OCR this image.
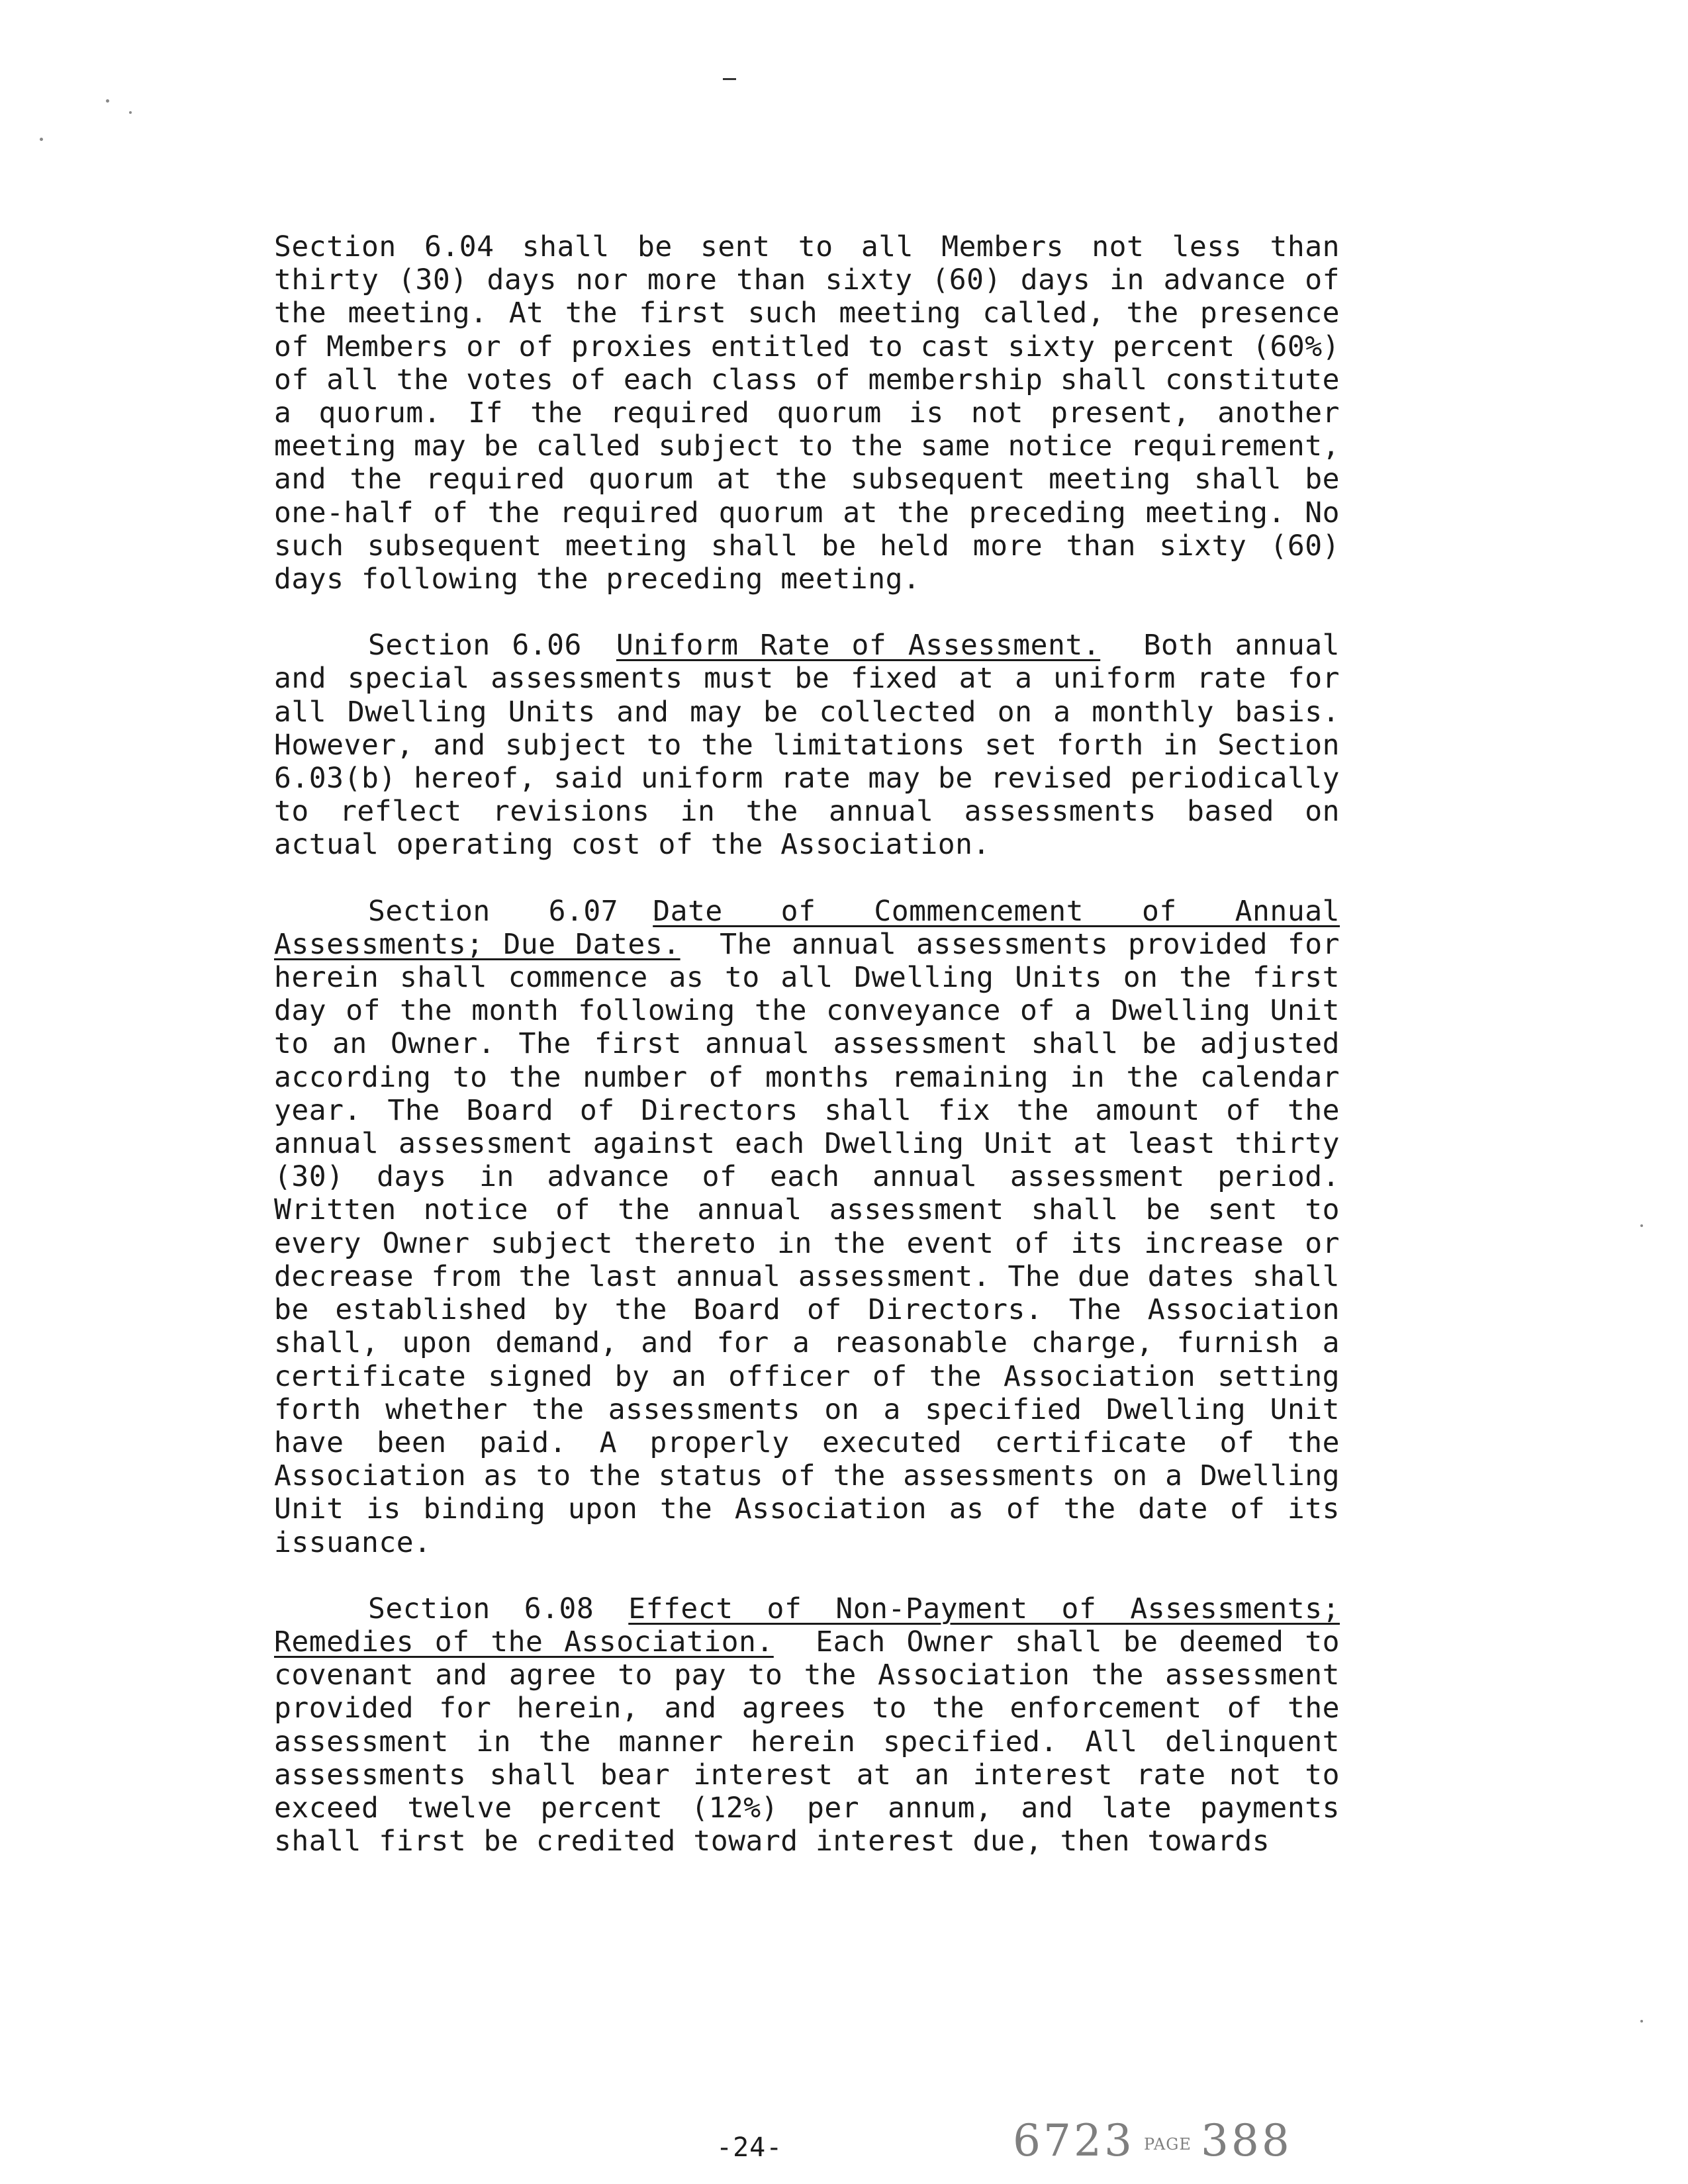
Section 6.04 shall be sent to all Members not less than thirty (30) days nor more than sixty (60) days in advance of the meeting. At the first such meeting called, the presence of Members or of proxies entitled to cast sixty percent (60%) of all the votes of each class of membership shall constitute a quorum. If the required quorum is not present, another meeting may be called subject to the same notice requirement, and the required quorum at the subsequent meeting shall be one-half of the required quorum at the preceding meeting. No such subsequent meeting shall be held more than sixty (60) days following the preceding meeting.

Section 6.06 Uniform Rate of Assessment. Both annual and special assessments must be fixed at a uniform rate for all Dwelling Units and may be collected on a monthly basis. However, and subject to the limitations set forth in Section 6.03(b) hereof, said uniform rate may be revised periodically to reflect revisions in the annual assessments based on actual operating cost of the Association.

Section 6.07 Date of Commencement of Annual Assessments; Due Dates. The annual assessments provided for herein shall commence as to all Dwelling Units on the first day of the month following the conveyance of a Dwelling Unit to an Owner. The first annual assessment shall be adjusted according to the number of months remaining in the calendar year. The Board of Directors shall fix the amount of the annual assessment against each Dwelling Unit at least thirty (30) days in advance of each annual assessment period. Written notice of the annual assessment shall be sent to every Owner subject thereto in the event of its increase or decrease from the last annual assessment. The due dates shall be established by the Board of Directors. The Association shall, upon demand, and for a reasonable charge, furnish a certificate signed by an officer of the Association setting forth whether the assessments on a specified Dwelling Unit have been paid. A properly executed certificate of the Association as to the status of the assessments on a Dwelling Unit is binding upon the Association as of the date of its issuance.

Section 6.08 Effect of Non-Payment of Assessments; Remedies of the Association. Each Owner shall be deemed to covenant and agree to pay to the Association the assessment provided for herein, and agrees to the enforcement of the assessment in the manner herein specified. All delinquent assessments shall bear interest at an interest rate not to exceed twelve percent (12%) per annum, and late payments shall first be credited toward interest due, then towards

-24-	6723 PAGE 388
